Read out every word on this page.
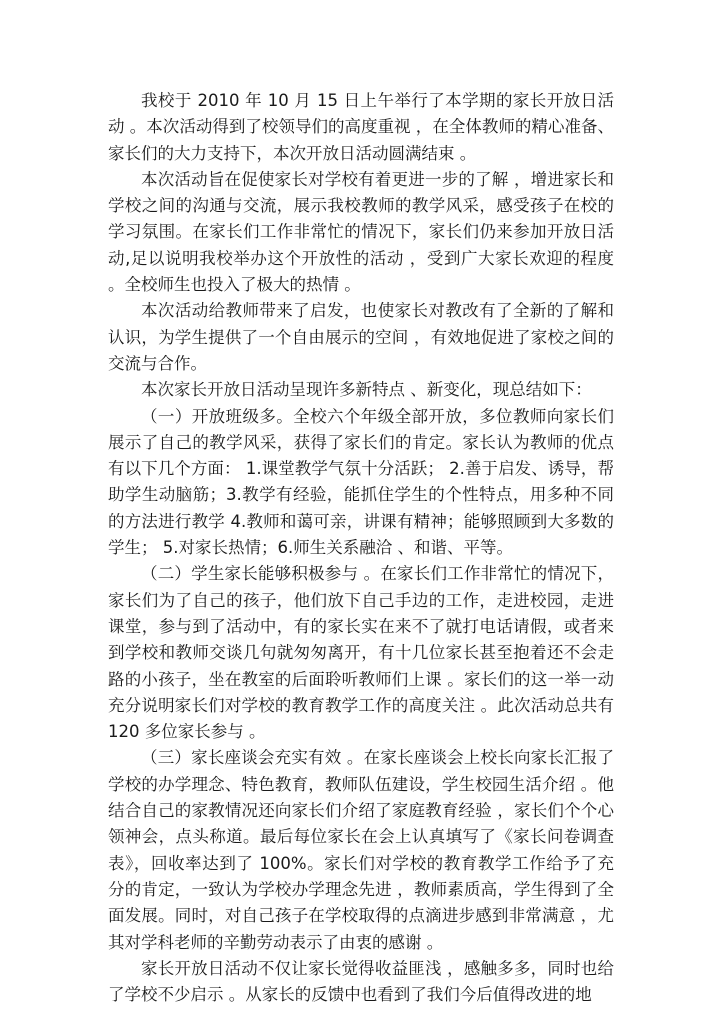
我校于 2010 年 10 月 15 日上午举行了本学期的家长开放日活动 。本次活动得到了校领导们的高度重视 ，在全体教师的精心准备、家长们的大力支持下，本次开放日活动圆满结束 。

本次活动旨在促使家长对学校有着更进一步的了解 ，增进家长和学校之间的沟通与交流，展示我校教师的教学风采，感受孩子在校的学习氛围。在家长们工作非常忙的情况下，家长们仍来参加开放日活动,足以说明我校举办这个开放性的活动 ，受到广大家长欢迎的程度 。全校师生也投入了极大的热情 。

本次活动给教师带来了启发，也使家长对教改有了全新的了解和认识，为学生提供了一个自由展示的空间 ，有效地促进了家校之间的交流与合作。

本次家长开放日活动呈现许多新特点 、新变化，现总结如下：

（一）开放班级多。全校六个年级全部开放，多位教师向家长们展示了自己的教学风采，获得了家长们的肯定。家长认为教师的优点有以下几个方面： 1.课堂教学气氛十分活跃； 2.善于启发、诱导，帮助学生动脑筋；3.教学有经验，能抓住学生的个性特点，用多种不同的方法进行教学 4.教师和蔼可亲，讲课有精神；能够照顾到大多数的学生； 5.对家长热情；6.师生关系融洽 、和谐、平等。

（二）学生家长能够积极参与 。在家长们工作非常忙的情况下，家长们为了自己的孩子，他们放下自己手边的工作，走进校园，走进课堂，参与到了活动中，有的家长实在来不了就打电话请假，或者来到学校和教师交谈几句就匆匆离开，有十几位家长甚至抱着还不会走路的小孩子，坐在教室的后面聆听教师们上课 。家长们的这一举一动充分说明家长们对学校的教育教学工作的高度关注 。此次活动总共有 120 多位家长参与 。

（三）家长座谈会充实有效 。在家长座谈会上校长向家长汇报了学校的办学理念、特色教育，教师队伍建设，学生校园生活介绍 。他结合自己的家教情况还向家长们介绍了家庭教育经验 ，家长们个个心领神会，点头称道。最后每位家长在会上认真填写了《家长问卷调查表》，回收率达到了 100%。家长们对学校的教育教学工作给予了充分的肯定，一致认为学校办学理念先进 ，教师素质高，学生得到了全面发展。同时，对自己孩子在学校取得的点滴进步感到非常满意 ，尤其对学科老师的辛勤劳动表示了由衷的感谢 。

家长开放日活动不仅让家长觉得收益匪浅 ，感触多多，同时也给了学校不少启示 。从家长的反馈中也看到了我们今后值得改进的地
